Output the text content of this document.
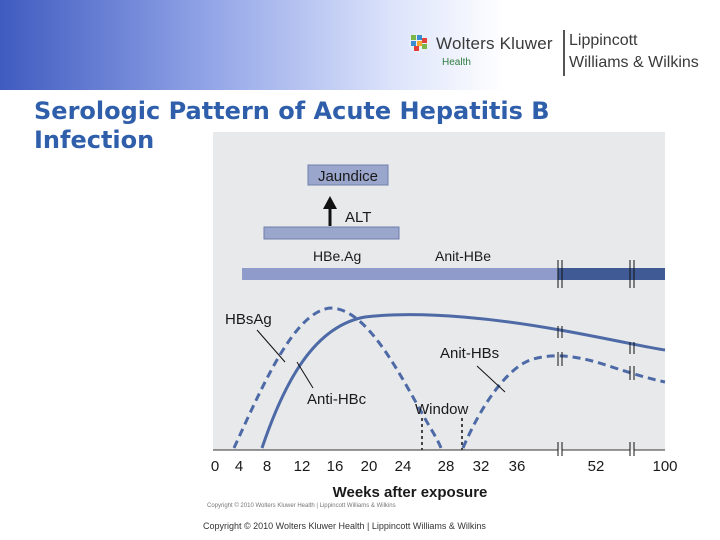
Wolters Kluwer
Health
Lippincott
Williams & Wilkins
Serologic Pattern of Acute Hepatitis B
Infection
Jaundice
ALT
HBe.Ag	Anit-HBe
HBsAg
Anit-HBs
Anti-HBc
Window
0 4 8 12 16 20 24 28 32 36	52	100
Weeks after exposure
Copyright © 2010 Wolters Kluwer Health | Lippincott Williams & Wilkins
Copyright © 2010 Wolters Kluwer Health | Lippincott Williams & Wilkins
